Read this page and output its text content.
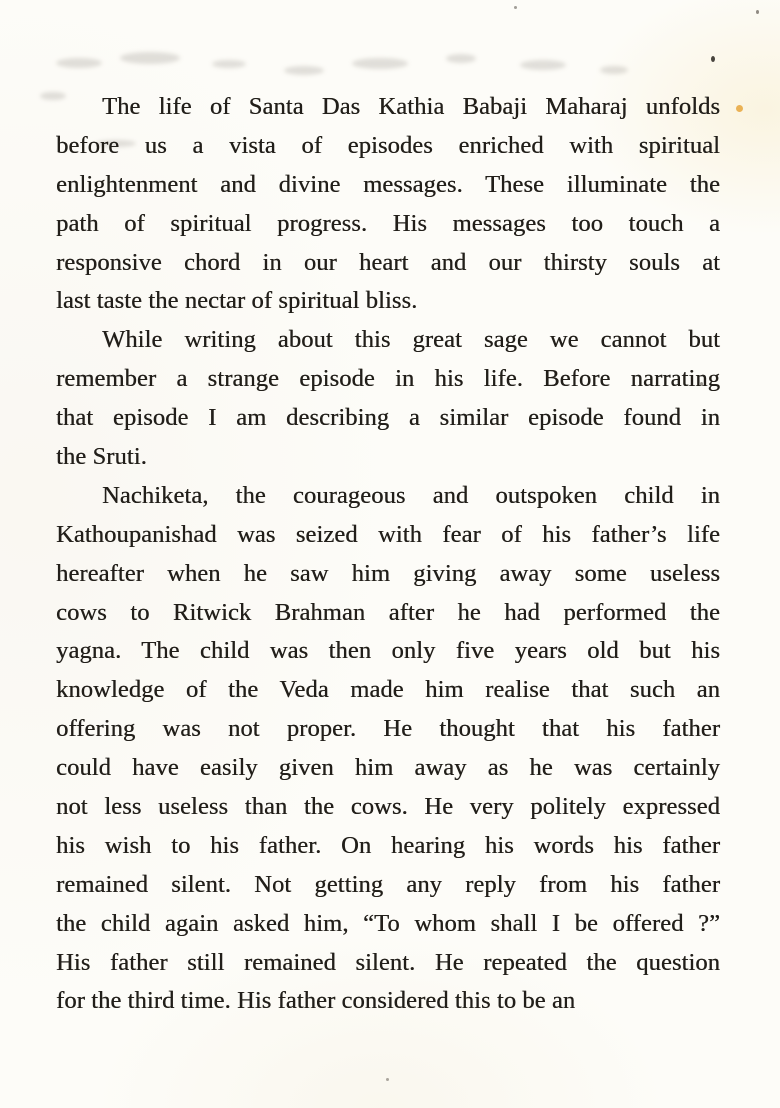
The life of Santa Das Kathia Babaji Maharaj unfolds
before us a vista of episodes enriched with spiritual
enlightenment and divine messages. These illuminate the
path of spiritual progress. His messages too touch a
responsive chord in our heart and our thirsty souls at
last taste the nectar of spiritual bliss.
While writing about this great sage we cannot but
remember a strange episode in his life. Before narrating
that episode I am describing a similar episode found in
the Sruti.
Nachiketa, the courageous and outspoken child in
Kathoupanishad was seized with fear of his father’s life
hereafter when he saw him giving away some useless
cows to Ritwick Brahman after he had performed the
yagna. The child was then only five years old but his
knowledge of the Veda made him realise that such an
offering was not proper. He thought that his father
could have easily given him away as he was certainly
not less useless than the cows. He very politely expressed
his wish to his father. On hearing his words his father
remained silent. Not getting any reply from his father
the child again asked him, “To whom shall I be offered ?”
His father still remained silent. He repeated the question
for the third time. His father considered this to be an
